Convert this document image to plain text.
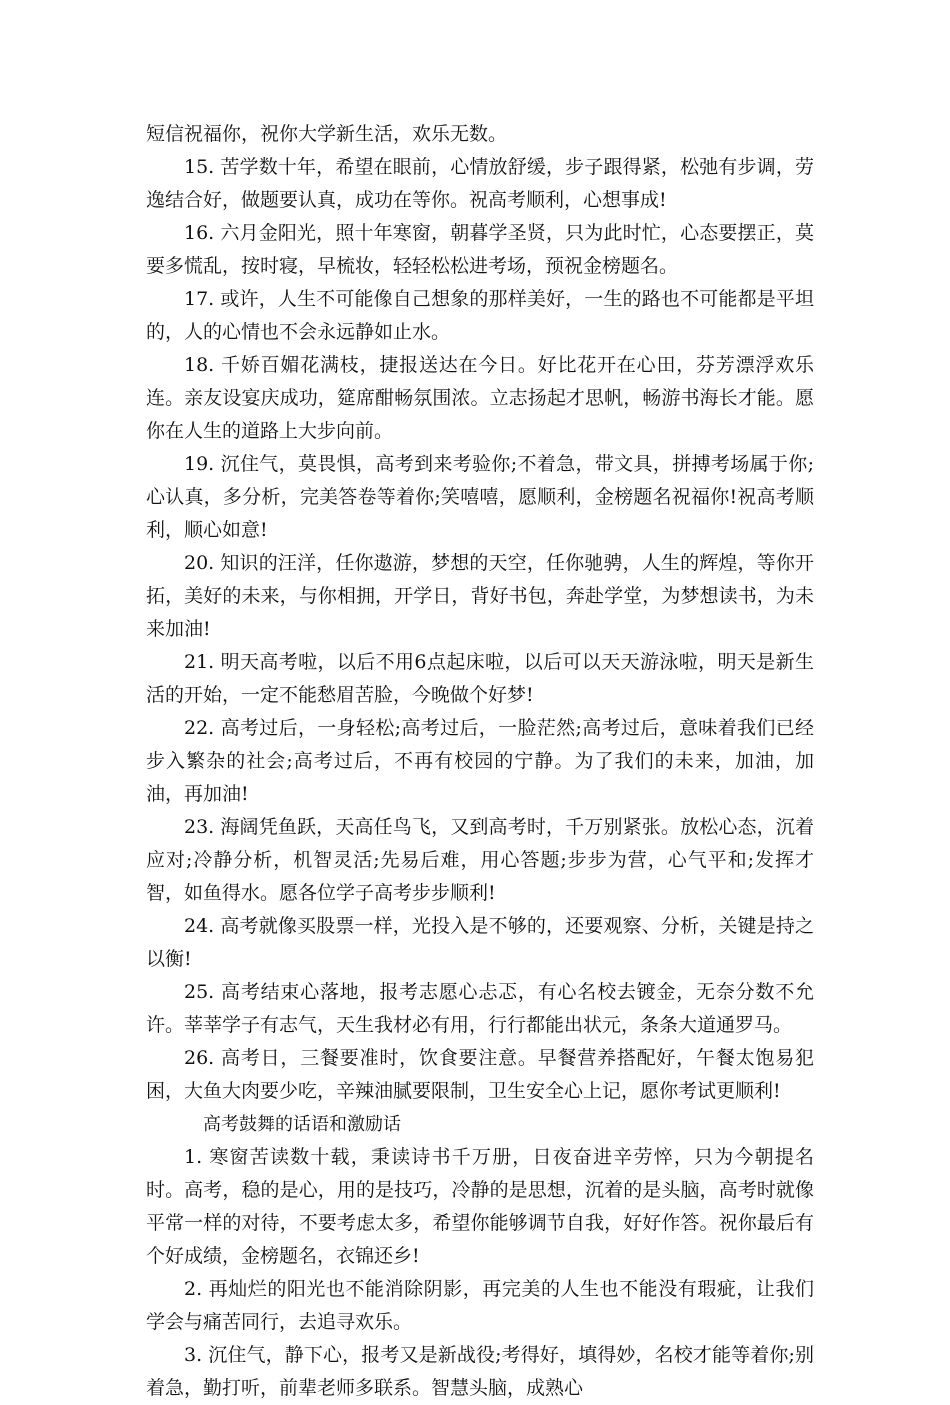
短信祝福你，祝你大学新生活，欢乐无数。

15. 苦学数十年，希望在眼前，心情放舒缓，步子跟得紧，松弛有步调，劳逸结合好，做题要认真，成功在等你。祝高考顺利，心想事成!

16. 六月金阳光，照十年寒窗，朝暮学圣贤，只为此时忙，心态要摆正，莫要多慌乱，按时寝，早梳妆，轻轻松松进考场，预祝金榜题名。

17. 或许，人生不可能像自己想象的那样美好，一生的路也不可能都是平坦的，人的心情也不会永远静如止水。

18. 千娇百媚花满枝，捷报送达在今日。好比花开在心田，芬芳漂浮欢乐连。亲友设宴庆成功，筵席酣畅氛围浓。立志扬起才思帆，畅游书海长才能。愿你在人生的道路上大步向前。

19. 沉住气，莫畏惧，高考到来考验你;不着急，带文具，拼搏考场属于你;心认真，多分析，完美答卷等着你;笑嘻嘻，愿顺利，金榜题名祝福你!祝高考顺利，顺心如意!

20. 知识的汪洋，任你遨游，梦想的天空，任你驰骋，人生的辉煌，等你开拓，美好的未来，与你相拥，开学日，背好书包，奔赴学堂，为梦想读书，为未来加油!

21. 明天高考啦，以后不用6点起床啦，以后可以天天游泳啦，明天是新生活的开始，一定不能愁眉苦脸，今晚做个好梦!

22. 高考过后，一身轻松;高考过后，一脸茫然;高考过后，意味着我们已经步入繁杂的社会;高考过后，不再有校园的宁静。为了我们的未来，加油，加油，再加油!

23. 海阔凭鱼跃，天高任鸟飞，又到高考时，千万别紧张。放松心态，沉着应对;冷静分析，机智灵活;先易后难，用心答题;步步为营，心气平和;发挥才智，如鱼得水。愿各位学子高考步步顺利!

24. 高考就像买股票一样，光投入是不够的，还要观察、分析，关键是持之以衡!

25. 高考结束心落地，报考志愿心忐忑，有心名校去镀金，无奈分数不允许。莘莘学子有志气，天生我材必有用，行行都能出状元，条条大道通罗马。

26. 高考日，三餐要准时，饮食要注意。早餐营养搭配好，午餐太饱易犯困，大鱼大肉要少吃，辛辣油腻要限制，卫生安全心上记，愿你考试更顺利!

高考鼓舞的话语和激励话

1. 寒窗苦读数十载，秉读诗书千万册，日夜奋进辛劳悴，只为今朝提名时。高考，稳的是心，用的是技巧，冷静的是思想，沉着的是头脑，高考时就像平常一样的对待，不要考虑太多，希望你能够调节自我，好好作答。祝你最后有个好成绩，金榜题名，衣锦还乡!

2. 再灿烂的阳光也不能消除阴影，再完美的人生也不能没有瑕疵，让我们学会与痛苦同行，去追寻欢乐。

3. 沉住气，静下心，报考又是新战役;考得好，填得妙，名校才能等着你;别着急，勤打听，前辈老师多联系。智慧头脑，成熟心
